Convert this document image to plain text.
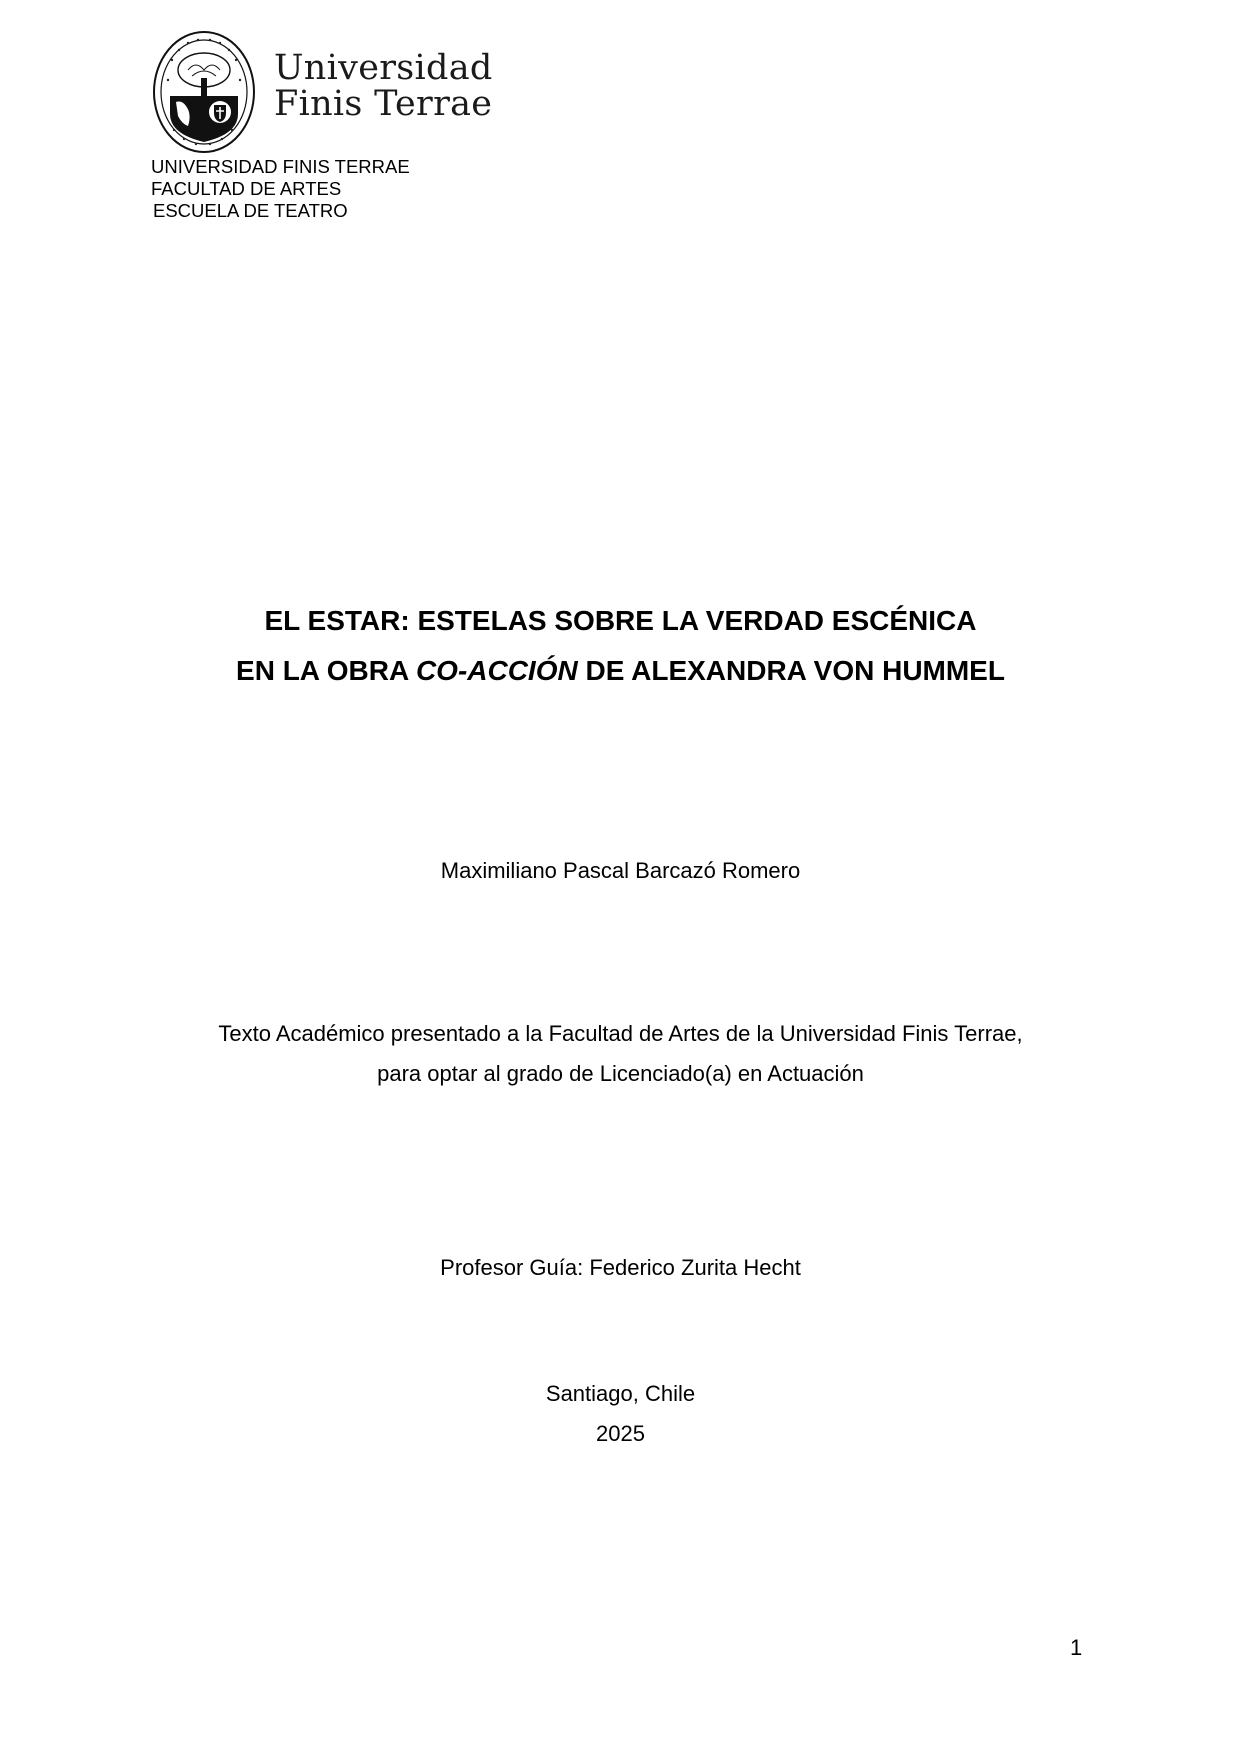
Universidad
Finis Terrae
UNIVERSIDAD FINIS TERRAE
FACULTAD DE ARTES
ESCUELA DE TEATRO
EL ESTAR: ESTELAS SOBRE LA VERDAD ESCÉNICA
EN LA OBRA CO-ACCIÓN DE ALEXANDRA VON HUMMEL
Maximiliano Pascal Barcazó Romero
Texto Académico presentado a la Facultad de Artes de la Universidad Finis Terrae,
para optar al grado de Licenciado(a) en Actuación
Profesor Guía: Federico Zurita Hecht
Santiago, Chile
2025
1
